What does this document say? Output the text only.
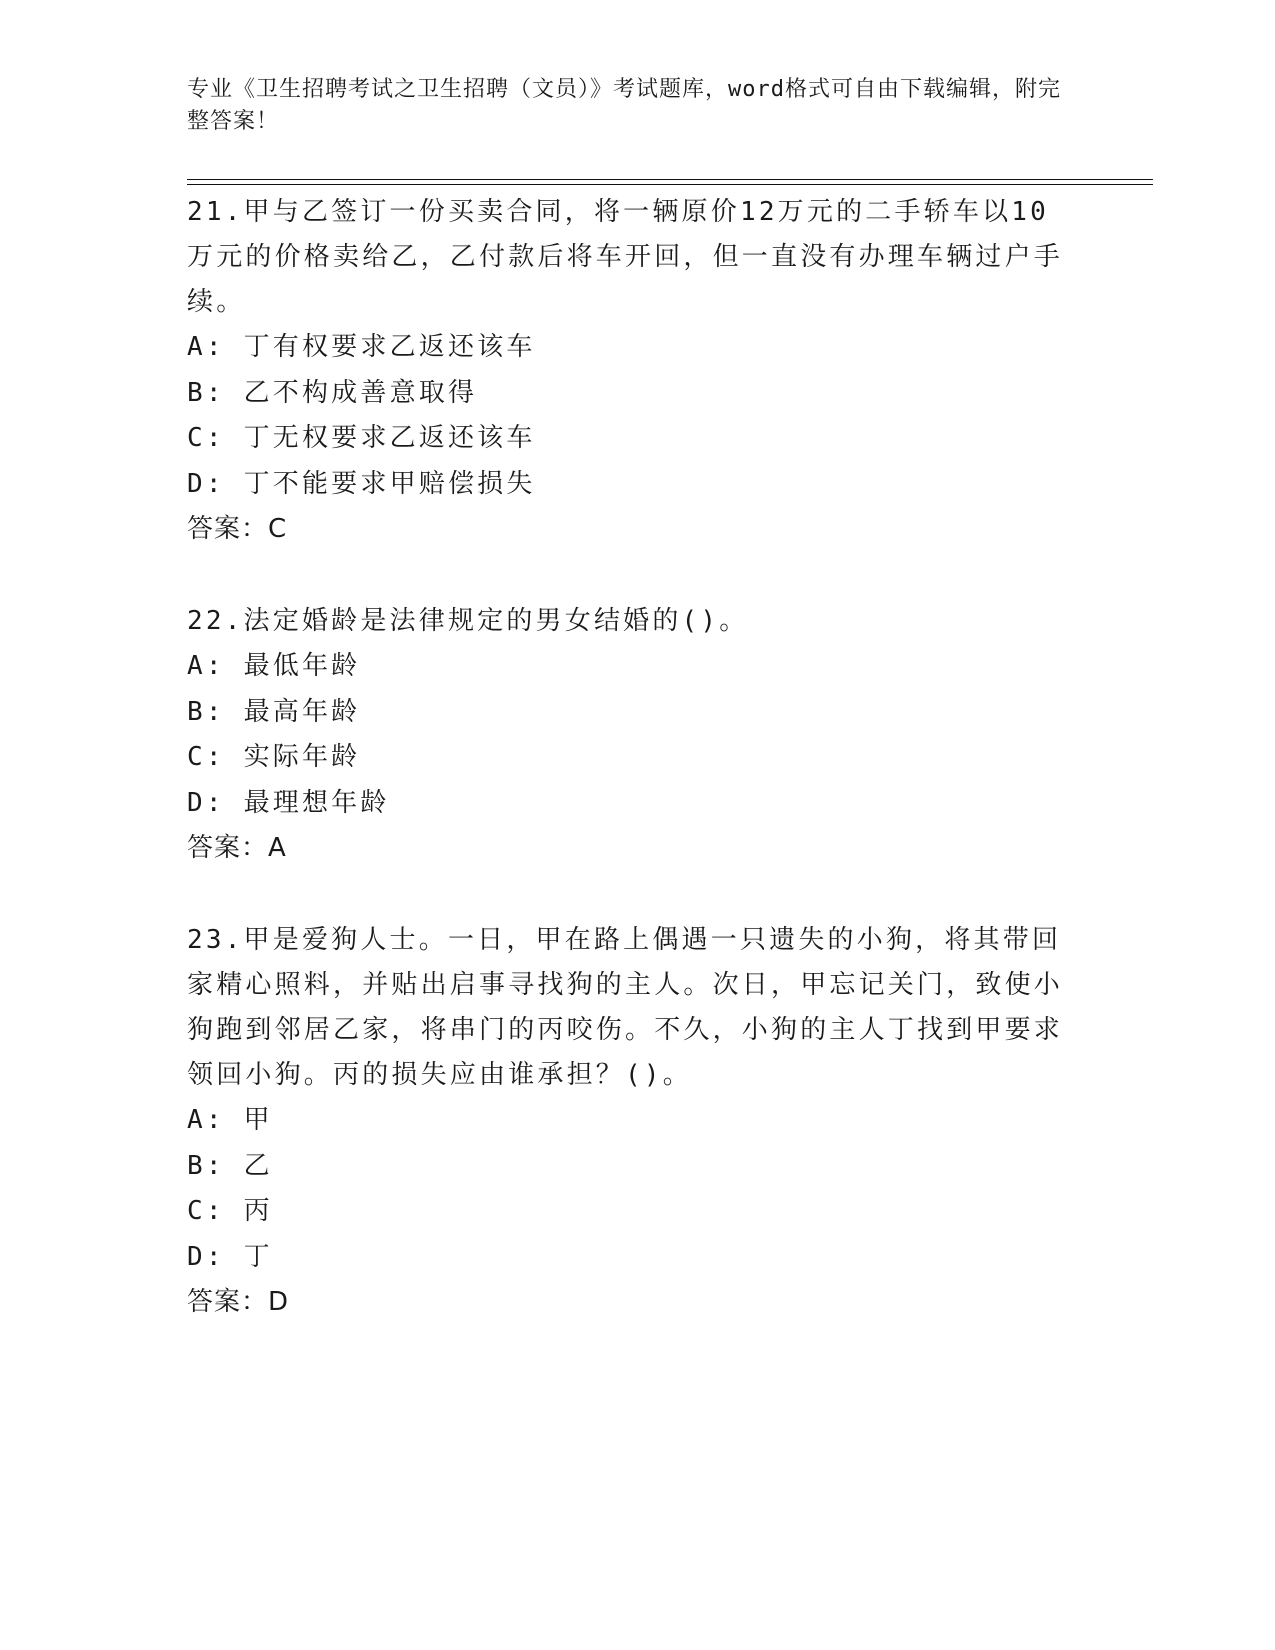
专业《卫生招聘考试之卫生招聘（文员）》考试题库，word格式可自由下载编辑，附完整答案！

21.甲与乙签订一份买卖合同，将一辆原价12万元的二手轿车以10万元的价格卖给乙，乙付款后将车开回，但一直没有办理车辆过户手续。

A: 丁有权要求乙返还该车

B: 乙不构成善意取得

C: 丁无权要求乙返还该车

D: 丁不能要求甲赔偿损失

答案：C

22.法定婚龄是法律规定的男女结婚的()。

A: 最低年龄

B: 最高年龄

C: 实际年龄

D: 最理想年龄

答案：A

23.甲是爱狗人士。一日，甲在路上偶遇一只遗失的小狗，将其带回家精心照料，并贴出启事寻找狗的主人。次日，甲忘记关门，致使小狗跑到邻居乙家，将串门的丙咬伤。不久，小狗的主人丁找到甲要求领回小狗。丙的损失应由谁承担？()。

A: 甲

B: 乙

C: 丙

D: 丁

答案：D
